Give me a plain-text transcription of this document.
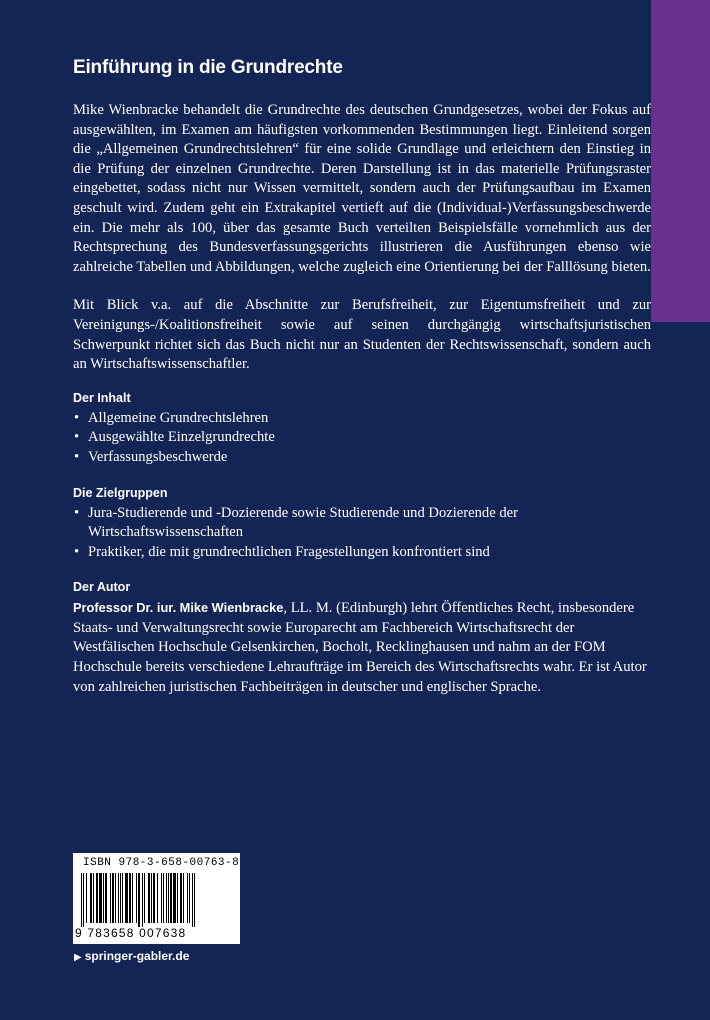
Einführung in die Grundrechte

Mike Wienbracke behandelt die Grundrechte des deutschen Grundgesetzes, wobei der Fokus auf ausgewählten, im Examen am häufigsten vorkommenden Bestimmungen liegt. Einleitend sorgen die „Allgemeinen Grundrechtslehren“ für eine solide Grundlage und erleichtern den Einstieg in die Prüfung der einzelnen Grundrechte. Deren Darstellung ist in das materielle Prüfungsraster eingebettet, sodass nicht nur Wissen vermittelt, sondern auch der Prüfungsaufbau im Examen geschult wird. Zudem geht ein Extrakapitel vertieft auf die (Individual-)Verfassungsbeschwerde ein. Die mehr als 100, über das gesamte Buch verteilten Beispielsfälle vornehmlich aus der Rechtsprechung des Bundesverfassungsgerichts illustrieren die Ausführungen ebenso wie zahlreiche Tabellen und Abbildungen, welche zugleich eine Orientierung bei der Falllösung bieten.

Mit Blick v.a. auf die Abschnitte zur Berufsfreiheit, zur Eigentumsfreiheit und zur Vereinigungs-/Koalitionsfreiheit sowie auf seinen durchgängig wirtschaftsjuristischen Schwerpunkt richtet sich das Buch nicht nur an Studenten der Rechtswissenschaft, sondern auch an Wirtschaftswissenschaftler.

Der Inhalt
• Allgemeine Grundrechtslehren
• Ausgewählte Einzelgrundrechte
• Verfassungsbeschwerde
Die Zielgruppen
• Jura-Studierende und -Dozierende sowie Studierende und Dozierende der Wirtschaftswissenschaften
• Praktiker, die mit grundrechtlichen Fragestellungen konfrontiert sind
Der Autor

Professor Dr. iur. Mike Wienbracke, LL. M. (Edinburgh) lehrt Öffentliches Recht, insbesondere Staats- und Verwaltungsrecht sowie Europarecht am Fachbereich Wirtschaftsrecht der Westfälischen Hochschule Gelsenkirchen, Bocholt, Recklinghausen und nahm an der FOM Hochschule bereits verschiedene Lehraufträge im Bereich des Wirtschaftsrechts wahr. Er ist Autor von zahlreichen juristischen Fachbeiträgen in deutscher und englischer Sprache.

ISBN 978-3-658-00763-8
9 783658 007638
▶ springer-gabler.de
